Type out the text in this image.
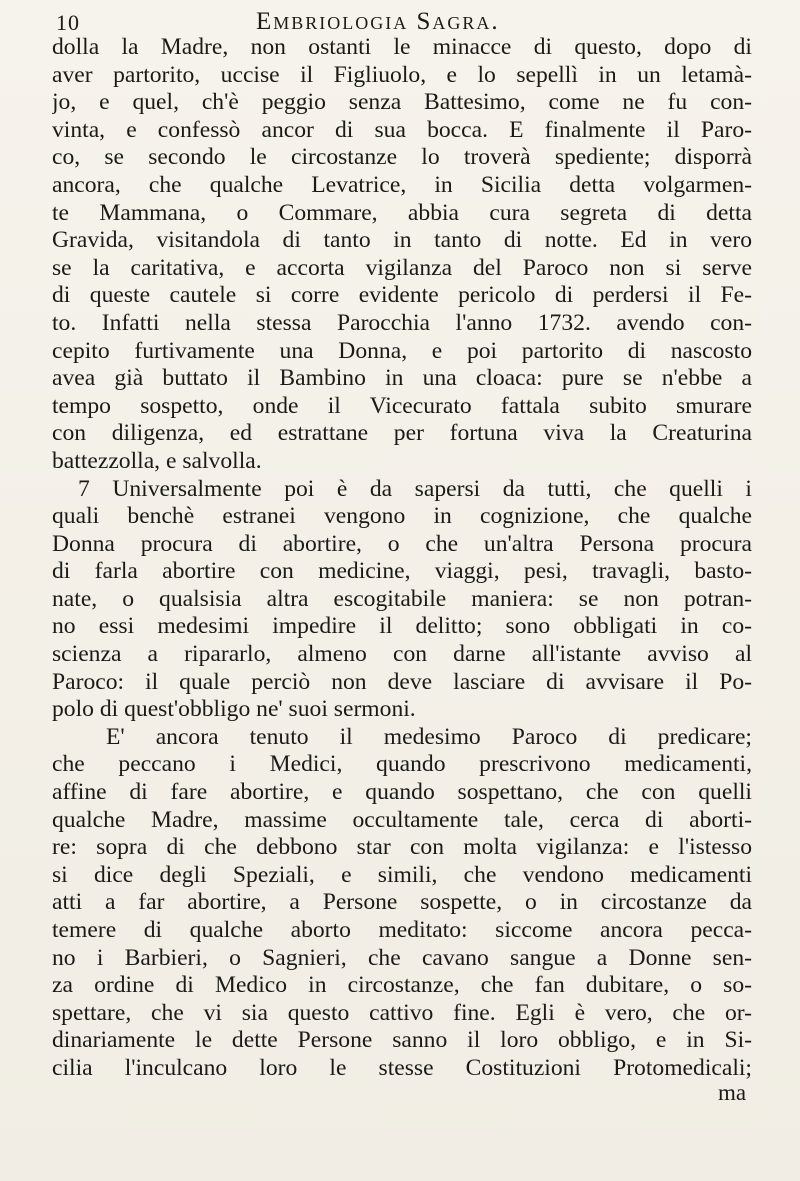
10	Embriologia Sagra.
dolla la Madre, non ostanti le minacce di questo, dopo di
aver partorito, uccise il Figliuolo, e lo sepellì in un letamà-
jo, e quel, ch'è peggio senza Battesimo, come ne fu con-
vinta, e confessò ancor di sua bocca. E finalmente il Paro-
co, se secondo le circostanze lo troverà spediente; disporrà
ancora, che qualche Levatrice, in Sicilia detta volgarmen-
te Mammana, o Commare, abbia cura segreta di detta
Gravida, visitandola di tanto in tanto di notte. Ed in vero
se la caritativa, e accorta vigilanza del Paroco non si serve
di queste cautele si corre evidente pericolo di perdersi il Fe-
to. Infatti nella stessa Parocchia l'anno 1732. avendo con-
cepito furtivamente una Donna, e poi partorito di nascosto
avea già buttato il Bambino in una cloaca: pure se n'ebbe a
tempo sospetto, onde il Vicecurato fattala subito smurare
con diligenza, ed estrattane per fortuna viva la Creaturina
battezzolla, e salvolla.
7 Universalmente poi è da sapersi da tutti, che quelli i
quali benchè estranei vengono in cognizione, che qualche
Donna procura di abortire, o che un'altra Persona procura
di farla abortire con medicine, viaggi, pesi, travagli, basto-
nate, o qualsisia altra escogitabile maniera: se non potran-
no essi medesimi impedire il delitto; sono obbligati in co-
scienza a ripararlo, almeno con darne all'istante avviso al
Paroco: il quale perciò non deve lasciare di avvisare il Po-
polo di quest'obbligo ne' suoi sermoni.
E' ancora tenuto il medesimo Paroco di predicare;
che peccano i Medici, quando prescrivono medicamenti,
affine di fare abortire, e quando sospettano, che con quelli
qualche Madre, massime occultamente tale, cerca di aborti-
re: sopra di che debbono star con molta vigilanza: e l'istesso
si dice degli Speziali, e simili, che vendono medicamenti
atti a far abortire, a Persone sospette, o in circostanze da
temere di qualche aborto meditato: siccome ancora pecca-
no i Barbieri, o Sagnieri, che cavano sangue a Donne sen-
za ordine di Medico in circostanze, che fan dubitare, o so-
spettare, che vi sia questo cattivo fine. Egli è vero, che or-
dinariamente le dette Persone sanno il loro obbligo, e in Si-
cilia l'inculcano loro le stesse Costituzioni Protomedicali;
ma
